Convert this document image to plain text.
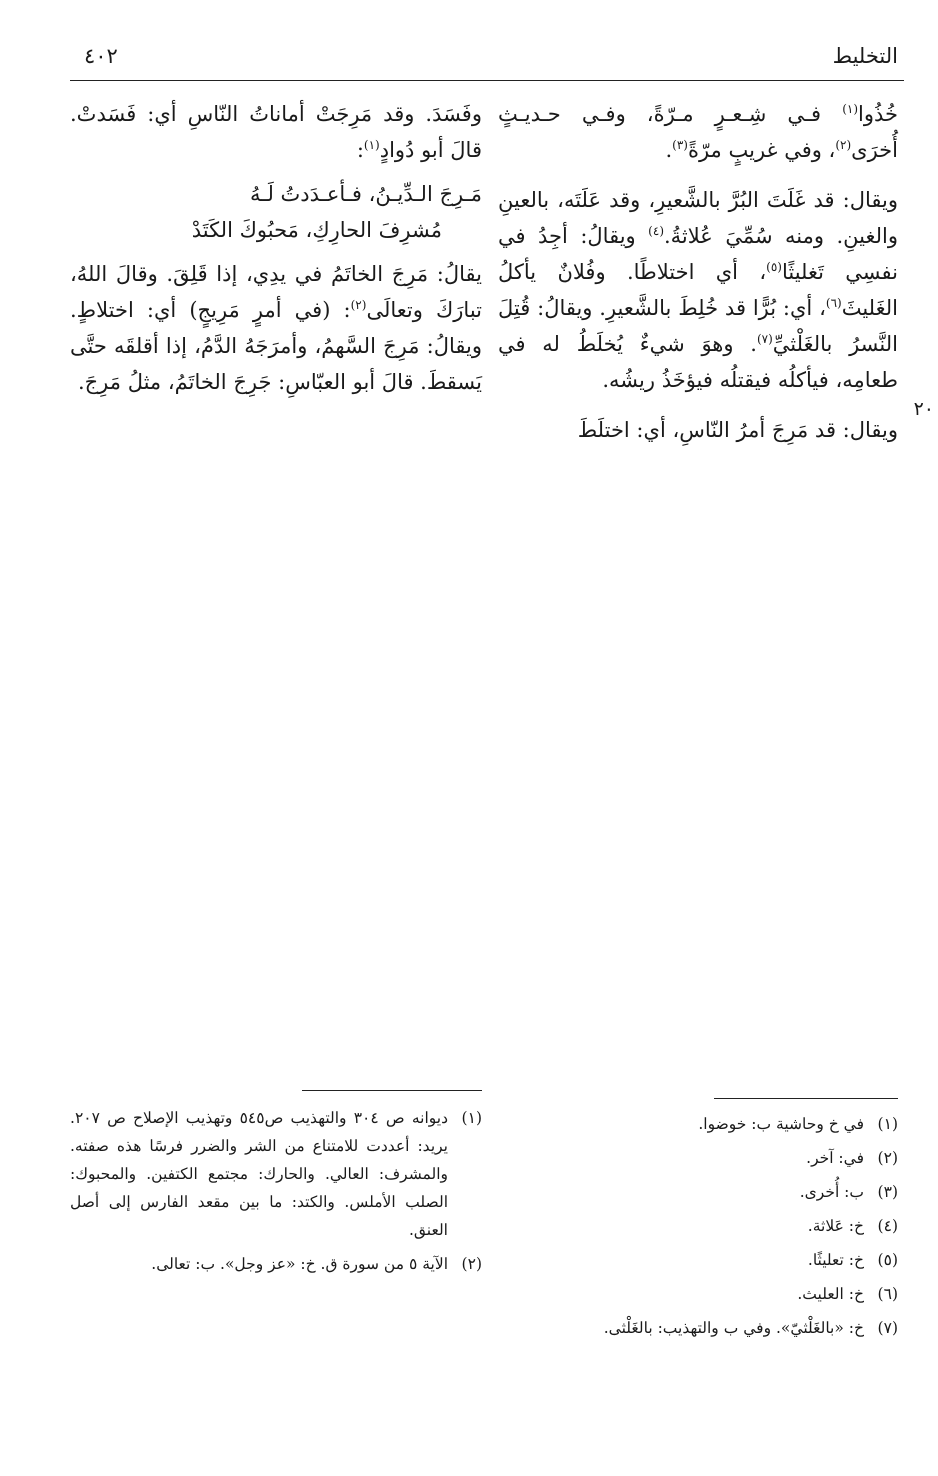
التخليط
٤٠٢
٢٠

خُذُوا$^{(١)}$ فـي شِـعـرٍ مـرّةً، وفـي حـديـثٍ أُخرَى$^{(٢)}$، وفي غريبٍ مرّةً$^{(٣)}$.

ويقال: قد غَلَتَ البُرَّ بالشَّعيرِ، وقد عَلَتَه، بالعينِ والغينِ. ومنه سُمِّيَ عُلاثةُ.$^{(٤)}$ ويقالُ: أجِدُ في نفسِي تَغليثًا$^{(٥)}$، أي اختلاطًا. وفُلانٌ يأكلُ الغَليثَ$^{(٦)}$، أي: بُرًّا قد خُلِطَ بالشَّعيرِ. ويقالُ: قُتِلَ النَّسرُ بالغَلْثيِّ$^{(٧)}$. وهوَ شيءٌ يُخلَطُ له في طعامِه، فيأكلُه فيقتلُه فيؤخَذُ ريشُه.

ويقال: قد مَرِجَ أمرُ النّاسِ، أي: اختلَطَ

وفَسَدَ. وقد مَرِجَتْ أماناتُ النّاسِ أي: فَسَدتْ. قالَ أبو دُوادٍ$^{(١)}$:

مَـرِجَ الـدِّيـنُ، فـأعـدَدتُ لَـهُ
مُشرِفَ الحارِكِ، مَحبُوكَ الكَتَدْ

يقالُ: مَرِجَ الخاتَمُ في يدِي، إذا قَلِقَ. وقالَ اللهُ، تبارَكَ وتعالَى$^{(٢)}$: (في أمرٍ مَرِيجٍ) أي: اختلاطٍ. ويقالُ: مَرِجَ السَّهمُ، وأمرَجَهُ الدَّمُ، إذا أقلقَه حتَّى يَسقطَ. قالَ أبو العبّاسِ: جَرِجَ الخاتَمُ، مثلُ مَرِجَ.

(١)
في خ وحاشية ب: خوضوا.
(٢)
في: آخر.
(٣)
ب: أُخرى.
(٤)
خ: عَلاثة.
(٥)
خ: تعليثًا.
(٦)
خ: العليث.
(٧)
خ: «بالغَلْثيّ». وفي ب والتهذيب: بالغَلْثى.
(١)
ديوانه ص ٣٠٤ والتهذيب ص٥٤٥ وتهذيب الإصلاح ص ٢٠٧. يريد: أعددت للامتناع من الشر والضرر فرسًا هذه صفته. والمشرف: العالي. والحارك: مجتمع الكتفين. والمحبوك: الصلب الأملس. والكتد: ما بين مقعد الفارس إلى أصل العنق.
(٢)
الآية ٥ من سورة ق. خ: «عز وجل». ب: تعالى.
